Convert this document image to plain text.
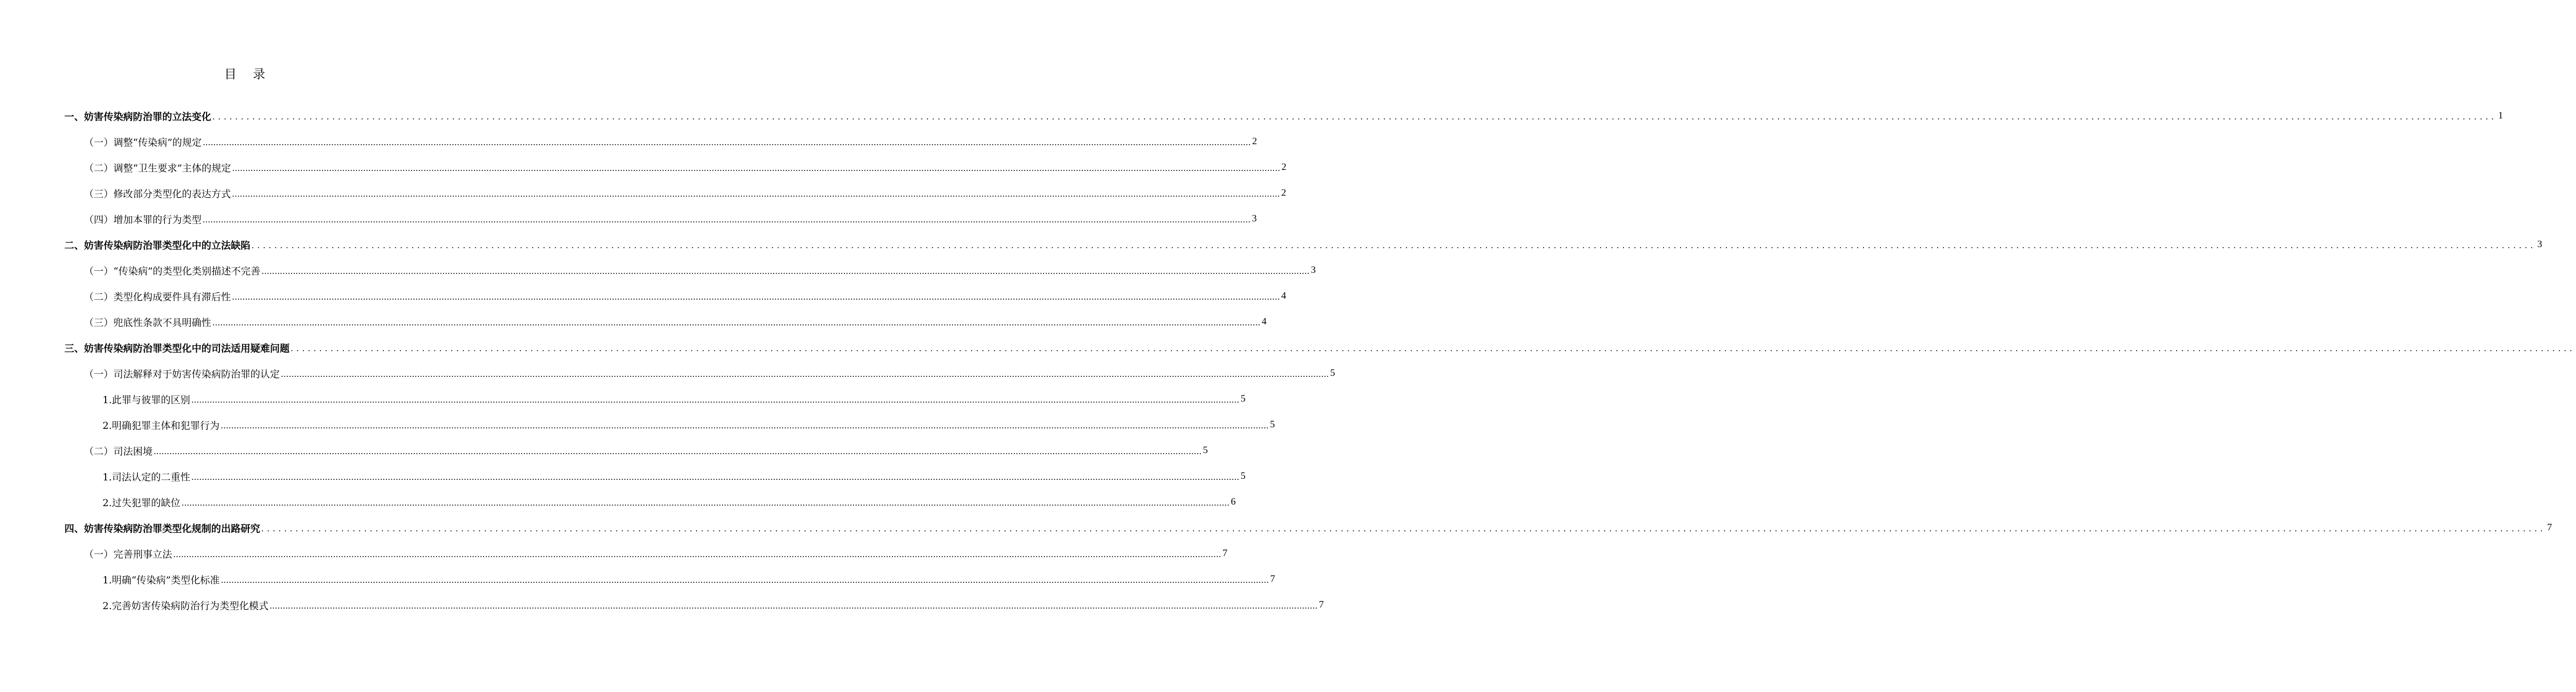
目 录
一、妨害传染病防治罪的立法变化 ................................................................................................................................................................................................................................................................................................................................................................................................................ 1
（一）调整“传染病”的规定 ................................................................................................................................................................................................................................................................................................................................................................................................................ 2
（二）调整“卫生要求”主体的规定 ................................................................................................................................................................................................................................................................................................................................................................................................................ 2
（三）修改部分类型化的表达方式 ................................................................................................................................................................................................................................................................................................................................................................................................................ 2
（四）增加本罪的行为类型 ................................................................................................................................................................................................................................................................................................................................................................................................................ 3
二、妨害传染病防治罪类型化中的立法缺陷 ................................................................................................................................................................................................................................................................................................................................................................................................................ 3
（一）“传染病”的类型化类别描述不完善 ................................................................................................................................................................................................................................................................................................................................................................................................................ 3
（二）类型化构成要件具有滞后性 ................................................................................................................................................................................................................................................................................................................................................................................................................ 4
（三）兜底性条款不具明确性 ................................................................................................................................................................................................................................................................................................................................................................................................................ 4
三、妨害传染病防治罪类型化中的司法适用疑难问题 ................................................................................................................................................................................................................................................................................................................................................................................................................
（一）司法解释对于妨害传染病防治罪的认定 ................................................................................................................................................................................................................................................................................................................................................................................................................ 5
1.此罪与彼罪的区别 ................................................................................................................................................................................................................................................................................................................................................................................................................ 5
2.明确犯罪主体和犯罪行为 ................................................................................................................................................................................................................................................................................................................................................................................................................ 5
（二）司法困境 ................................................................................................................................................................................................................................................................................................................................................................................................................ 5
1.司法认定的二重性 ................................................................................................................................................................................................................................................................................................................................................................................................................ 5
2.过失犯罪的缺位 ................................................................................................................................................................................................................................................................................................................................................................................................................ 6
四、妨害传染病防治罪类型化规制的出路研究 ................................................................................................................................................................................................................................................................................................................................................................................................................ 7
（一）完善刑事立法 ................................................................................................................................................................................................................................................................................................................................................................................................................ 7
1.明确“传染病”类型化标准 ................................................................................................................................................................................................................................................................................................................................................................................................................ 7
2.完善妨害传染病防治行为类型化模式 ................................................................................................................................................................................................................................................................................................................................................................................................................ 7
